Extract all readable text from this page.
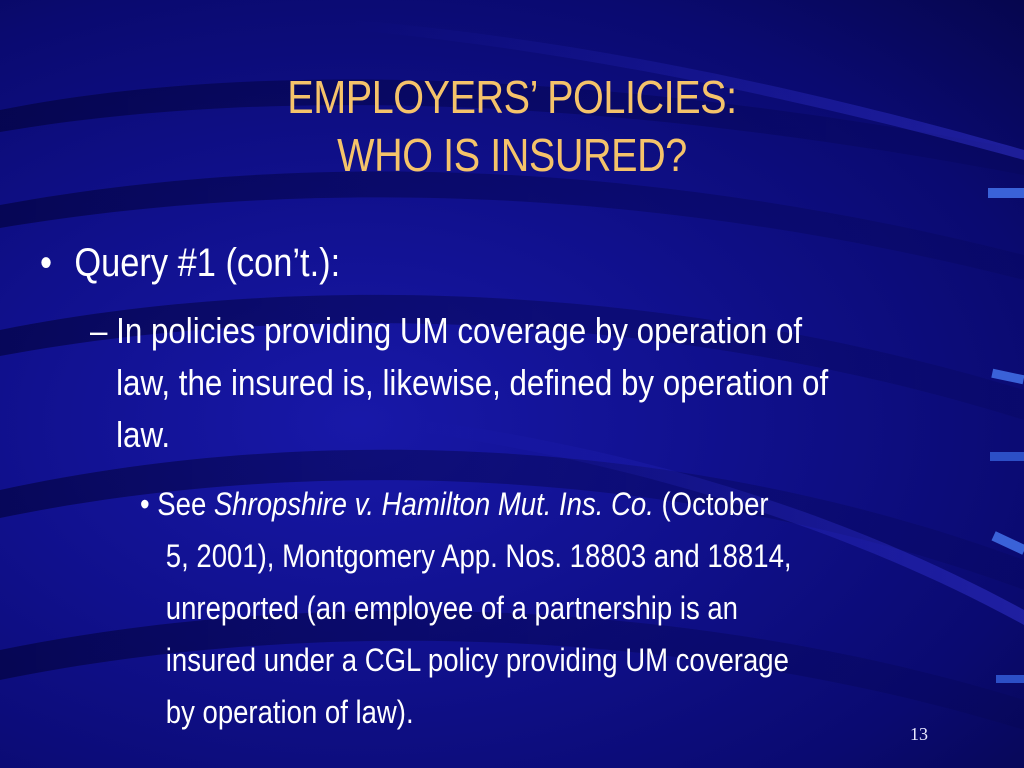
EMPLOYERS’ POLICIES:
WHO IS INSURED?
• Query #1 (con’t.):
– In policies providing UM coverage by operation of
law, the insured is, likewise, defined by operation of
law.
• See Shropshire v. Hamilton Mut. Ins. Co. (October
5, 2001), Montgomery App. Nos. 18803 and 18814,
unreported (an employee of a partnership is an
insured under a CGL policy providing UM coverage
by operation of law).
13
